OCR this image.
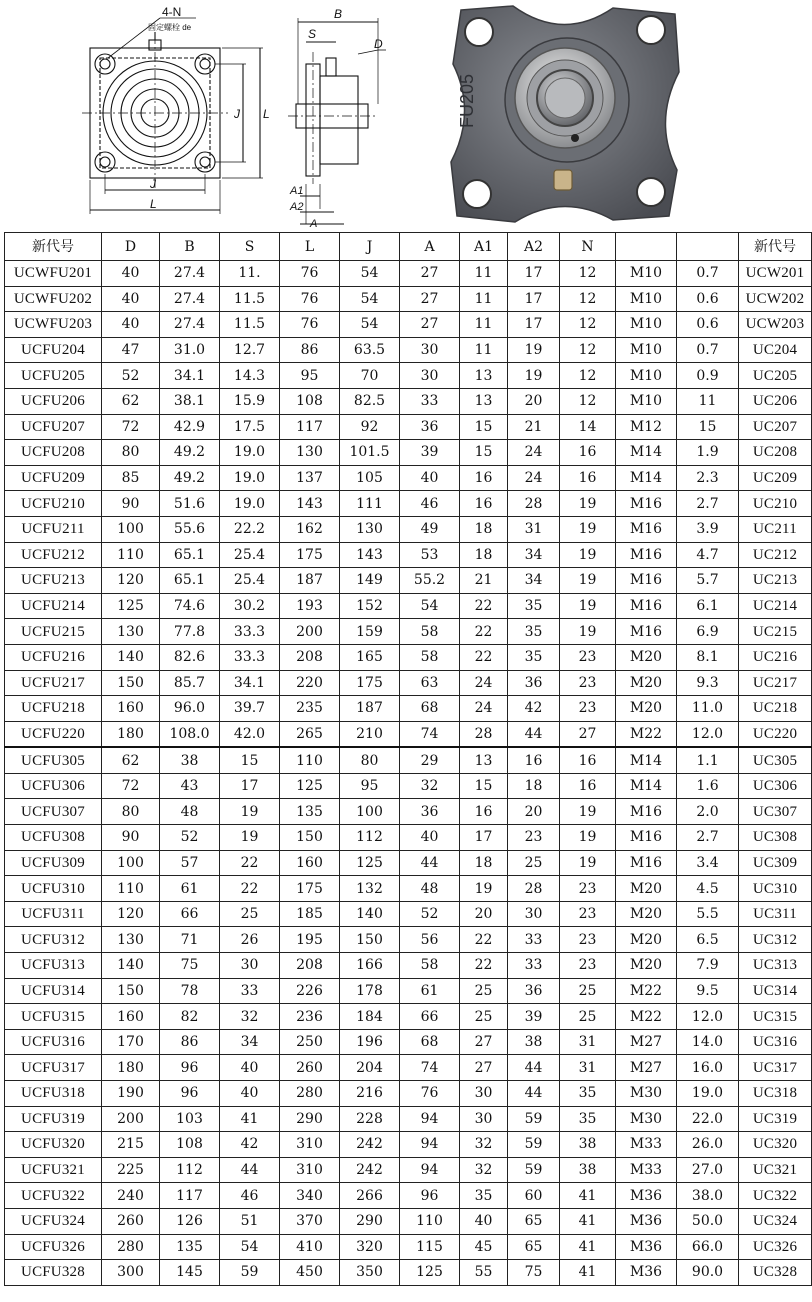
4-N
固定螺栓 de
J
L
J L
B
S
D
A1
A2
A
FU205
新代号	D	B	S	L	J	A	A1	A2	N			新代号
UCWFU201	40	27.4	11.	76	54	27	11	17	12	M10	0.7	UCW201
UCWFU202	40	27.4	11.5	76	54	27	11	17	12	M10	0.6	UCW202
UCWFU203	40	27.4	11.5	76	54	27	11	17	12	M10	0.6	UCW203
UCFU204	47	31.0	12.7	86	63.5	30	11	19	12	M10	0.7	UC204
UCFU205	52	34.1	14.3	95	70	30	13	19	12	M10	0.9	UC205
UCFU206	62	38.1	15.9	108	82.5	33	13	20	12	M10	11	UC206
UCFU207	72	42.9	17.5	117	92	36	15	21	14	M12	15	UC207
UCFU208	80	49.2	19.0	130	101.5	39	15	24	16	M14	1.9	UC208
UCFU209	85	49.2	19.0	137	105	40	16	24	16	M14	2.3	UC209
UCFU210	90	51.6	19.0	143	111	46	16	28	19	M16	2.7	UC210
UCFU211	100	55.6	22.2	162	130	49	18	31	19	M16	3.9	UC211
UCFU212	110	65.1	25.4	175	143	53	18	34	19	M16	4.7	UC212
UCFU213	120	65.1	25.4	187	149	55.2	21	34	19	M16	5.7	UC213
UCFU214	125	74.6	30.2	193	152	54	22	35	19	M16	6.1	UC214
UCFU215	130	77.8	33.3	200	159	58	22	35	19	M16	6.9	UC215
UCFU216	140	82.6	33.3	208	165	58	22	35	23	M20	8.1	UC216
UCFU217	150	85.7	34.1	220	175	63	24	36	23	M20	9.3	UC217
UCFU218	160	96.0	39.7	235	187	68	24	42	23	M20	11.0	UC218
UCFU220	180	108.0	42.0	265	210	74	28	44	27	M22	12.0	UC220
UCFU305	62	38	15	110	80	29	13	16	16	M14	1.1	UC305
UCFU306	72	43	17	125	95	32	15	18	16	M14	1.6	UC306
UCFU307	80	48	19	135	100	36	16	20	19	M16	2.0	UC307
UCFU308	90	52	19	150	112	40	17	23	19	M16	2.7	UC308
UCFU309	100	57	22	160	125	44	18	25	19	M16	3.4	UC309
UCFU310	110	61	22	175	132	48	19	28	23	M20	4.5	UC310
UCFU311	120	66	25	185	140	52	20	30	23	M20	5.5	UC311
UCFU312	130	71	26	195	150	56	22	33	23	M20	6.5	UC312
UCFU313	140	75	30	208	166	58	22	33	23	M20	7.9	UC313
UCFU314	150	78	33	226	178	61	25	36	25	M22	9.5	UC314
UCFU315	160	82	32	236	184	66	25	39	25	M22	12.0	UC315
UCFU316	170	86	34	250	196	68	27	38	31	M27	14.0	UC316
UCFU317	180	96	40	260	204	74	27	44	31	M27	16.0	UC317
UCFU318	190	96	40	280	216	76	30	44	35	M30	19.0	UC318
UCFU319	200	103	41	290	228	94	30	59	35	M30	22.0	UC319
UCFU320	215	108	42	310	242	94	32	59	38	M33	26.0	UC320
UCFU321	225	112	44	310	242	94	32	59	38	M33	27.0	UC321
UCFU322	240	117	46	340	266	96	35	60	41	M36	38.0	UC322
UCFU324	260	126	51	370	290	110	40	65	41	M36	50.0	UC324
UCFU326	280	135	54	410	320	115	45	65	41	M36	66.0	UC326
UCFU328	300	145	59	450	350	125	55	75	41	M36	90.0	UC328
